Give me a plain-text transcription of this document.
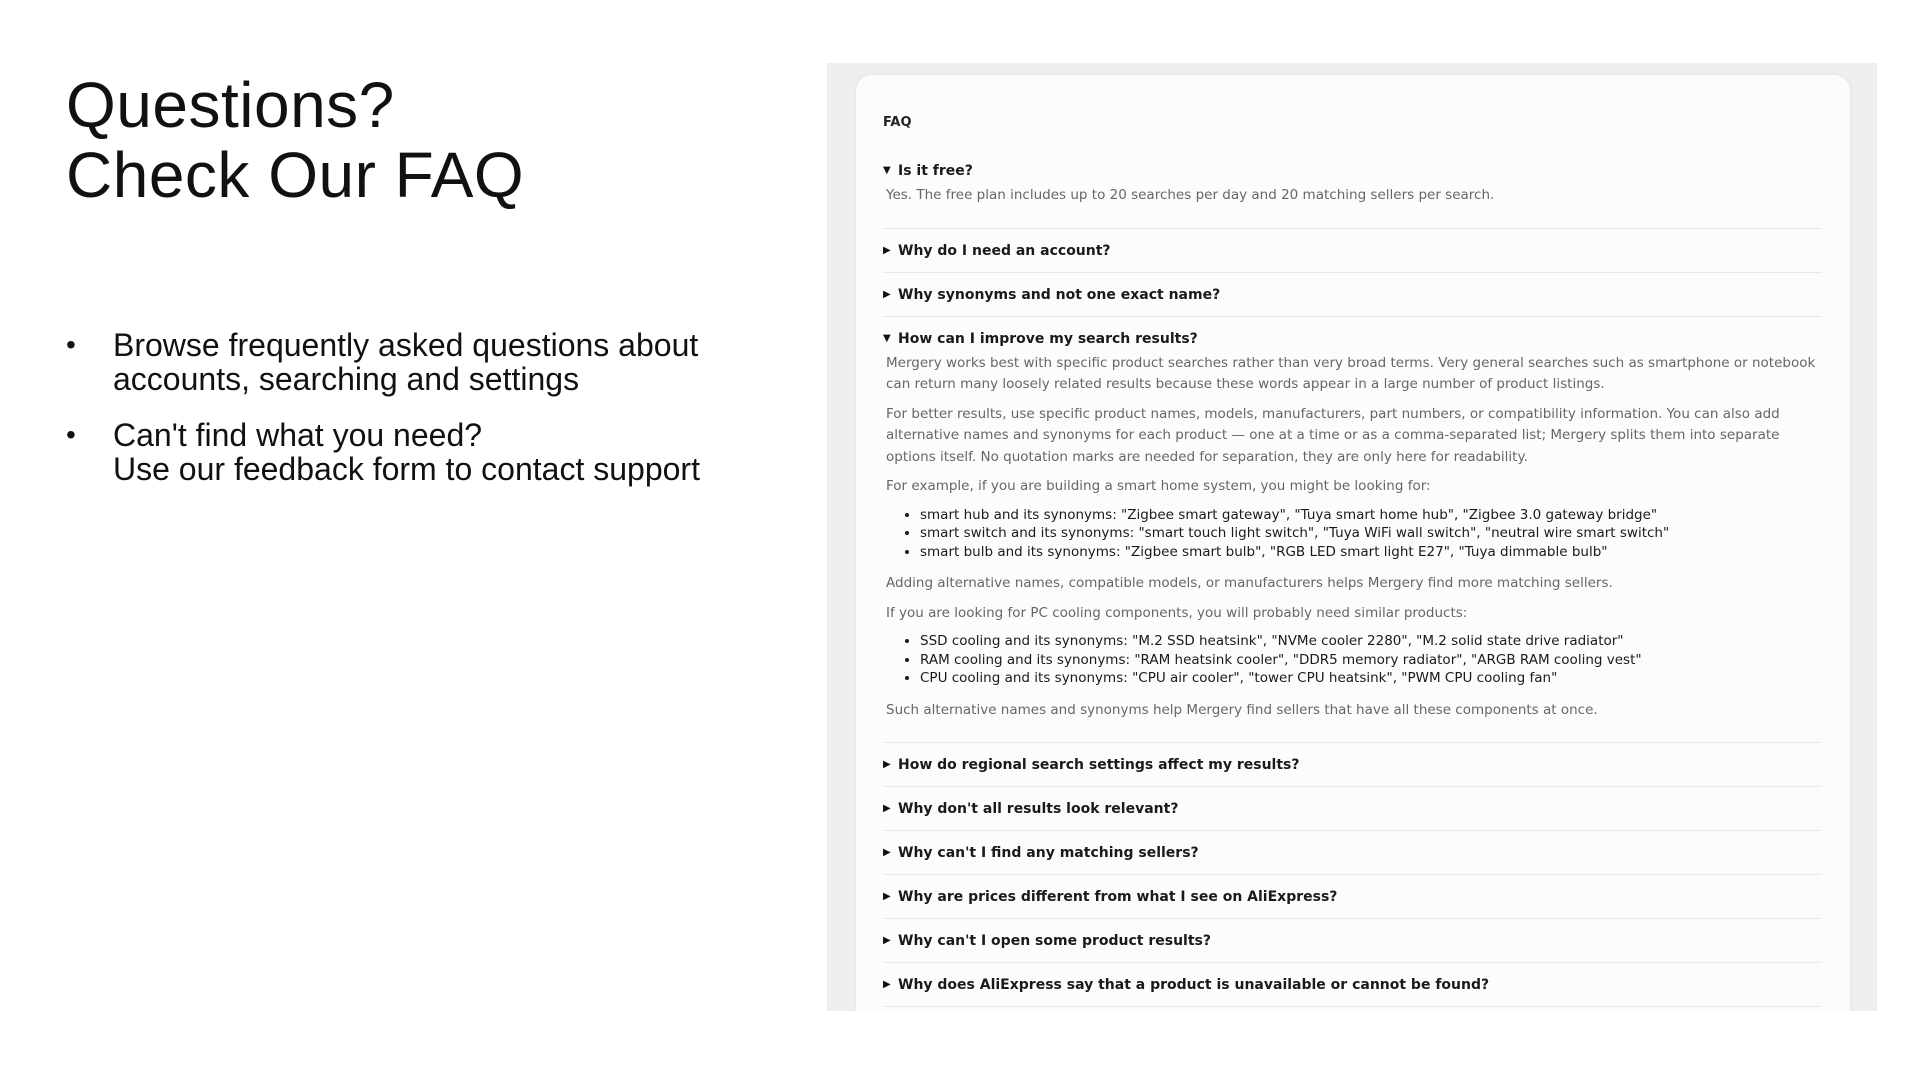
Questions?
Check Our FAQ
• Browse frequently asked questions about
accounts, searching and settings
• Can't find what you need?
Use our feedback form to contact support
FAQ
▼ Is it free?

Yes. The free plan includes up to 20 searches per day and 20 matching sellers per search.

▶ Why do I need an account?
▶ Why synonyms and not one exact name?
▼ How can I improve my search results?

Mergery works best with specific product searches rather than very broad terms. Very general searches such as smartphone or notebook can return many loosely related results because these words appear in a large number of product listings.

For better results, use specific product names, models, manufacturers, part numbers, or compatibility information. You can also add alternative names and synonyms for each product — one at a time or as a comma-separated list; Mergery splits them into separate options itself. No quotation marks are needed for separation, they are only here for readability.

For example, if you are building a smart home system, you might be looking for:

• smart hub and its synonyms: "Zigbee smart gateway", "Tuya smart home hub", "Zigbee 3.0 gateway bridge"
• smart switch and its synonyms: "smart touch light switch", "Tuya WiFi wall switch", "neutral wire smart switch"
• smart bulb and its synonyms: "Zigbee smart bulb", "RGB LED smart light E27", "Tuya dimmable bulb"

Adding alternative names, compatible models, or manufacturers helps Mergery find more matching sellers.

If you are looking for PC cooling components, you will probably need similar products:

• SSD cooling and its synonyms: "M.2 SSD heatsink", "NVMe cooler 2280", "M.2 solid state drive radiator"
• RAM cooling and its synonyms: "RAM heatsink cooler", "DDR5 memory radiator", "ARGB RAM cooling vest"
• CPU cooling and its synonyms: "CPU air cooler", "tower CPU heatsink", "PWM CPU cooling fan"

Such alternative names and synonyms help Mergery find sellers that have all these components at once.

▶ How do regional search settings affect my results?
▶ Why don't all results look relevant?
▶ Why can't I find any matching sellers?
▶ Why are prices different from what I see on AliExpress?
▶ Why can't I open some product results?
▶ Why does AliExpress say that a product is unavailable or cannot be found?
